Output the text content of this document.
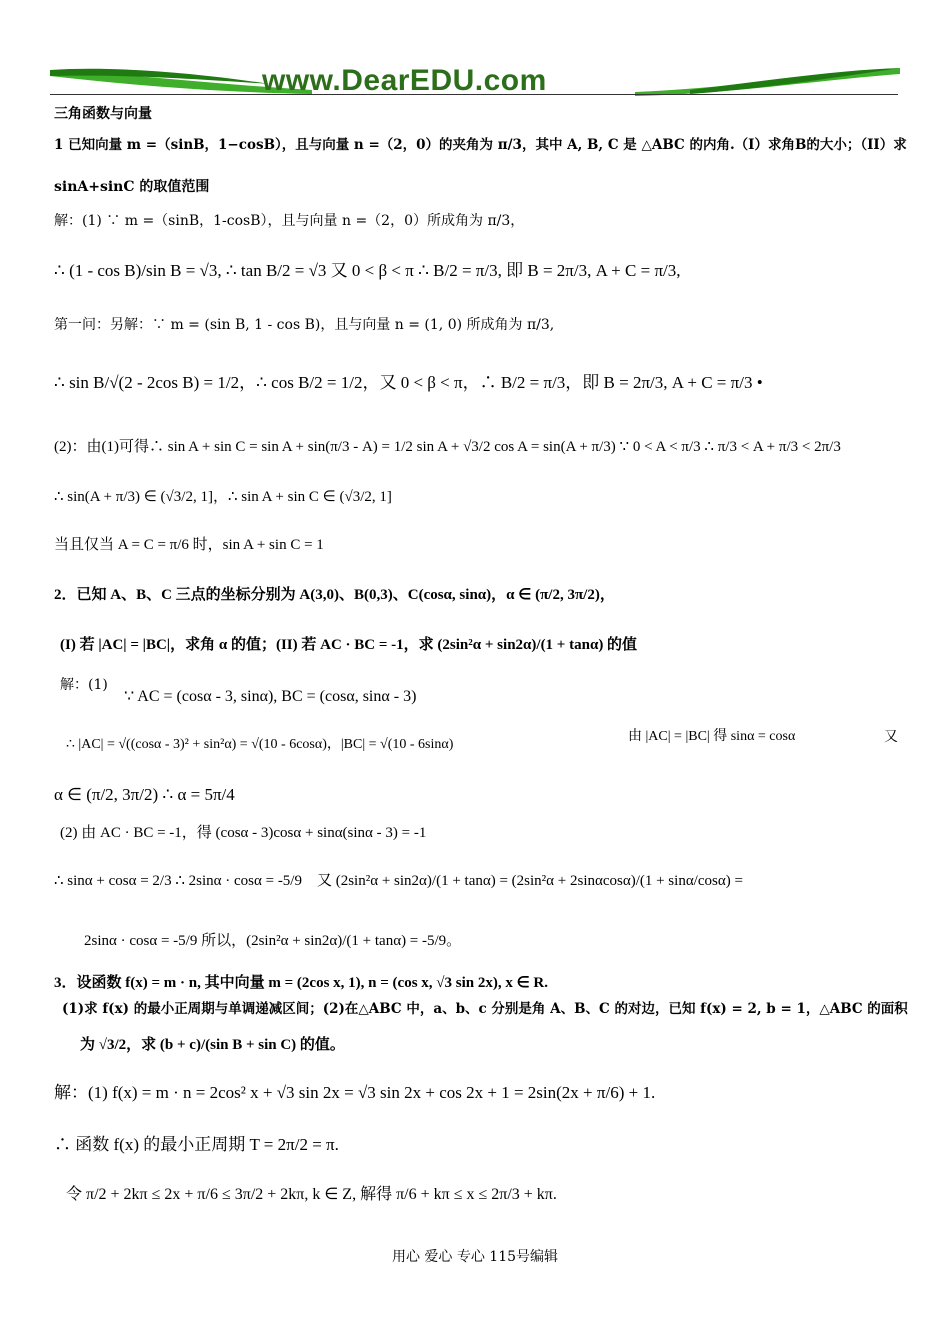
www.DearEDU.com
三角函数与向量
1 已知向量 m =（sinB，1−cosB），且与向量 n =（2，0）的夹角为 π/3，其中 A, B, C 是 △ABC 的内角.（I）求角B的大小；（II）求
sinA+sinC 的取值范围
解：(1) ∵ m =（sinB，1-cosB），且与向量 n =（2，0）所成角为 π/3，
∴ (1 - cos B)/sin B = √3, ∴ tan B/2 = √3 又 0 < β < π ∴ B/2 = π/3, 即 B = 2π/3, A + C = π/3,
第一问：另解：∵ m = (sin B, 1 - cos B)，且与向量 n = (1, 0) 所成角为 π/3,
∴ sin B/√(2 - 2cos B) = 1/2，∴ cos B/2 = 1/2，又 0 < β < π，∴ B/2 = π/3，即 B = 2π/3, A + C = π/3 •
(2)：由(1)可得∴ sin A + sin C = sin A + sin(π/3 - A) = 1/2 sin A + √3/2 cos A = sin(A + π/3) ∵ 0 < A < π/3 ∴ π/3 < A + π/3 < 2π/3
∴ sin(A + π/3) ∈ (√3/2, 1]，∴ sin A + sin C ∈ (√3/2, 1]
当且仅当 A = C = π/6 时，sin A + sin C = 1
2．已知 A、B、C 三点的坐标分别为 A(3,0)、B(0,3)、C(cosα, sinα)，α ∈ (π/2, 3π/2)，
(I) 若 |AC| = |BC|，求角 α 的值；(II) 若 AC · BC = -1，求 (2sin²α + sin2α)/(1 + tanα) 的值
解：(1)
∵ AC = (cosα - 3, sinα), BC = (cosα, sinα - 3)
∴ |AC| = √((cosα - 3)² + sin²α) = √(10 - 6cosα)，|BC| = √(10 - 6sinα)
由 |AC| = |BC| 得 sinα = cosα	又
α ∈ (π/2, 3π/2) ∴ α = 5π/4
(2) 由 AC · BC = -1，得 (cosα - 3)cosα + sinα(sinα - 3) = -1
∴ sinα + cosα = 2/3 ∴ 2sinα · cosα = -5/9　又 (2sin²α + sin2α)/(1 + tanα) = (2sin²α + 2sinαcosα)/(1 + sinα/cosα) =
2sinα · cosα = -5/9 所以，(2sin²α + sin2α)/(1 + tanα) = -5/9。
3．设函数 f(x) = m · n, 其中向量 m = (2cos x, 1), n = (cos x, √3 sin 2x), x ∈ R.
(1)求 f(x) 的最小正周期与单调递减区间；(2)在△ABC 中，a、b、c 分别是角 A、B、C 的对边，已知 f(x) = 2, b = 1，△ABC 的面积
为 √3/2，求 (b + c)/(sin B + sin C) 的值。
解：(1) f(x) = m · n = 2cos² x + √3 sin 2x = √3 sin 2x + cos 2x + 1 = 2sin(2x + π/6) + 1.
∴ 函数 f(x) 的最小正周期 T = 2π/2 = π.
令 π/2 + 2kπ ≤ 2x + π/6 ≤ 3π/2 + 2kπ, k ∈ Z, 解得 π/6 + kπ ≤ x ≤ 2π/3 + kπ.
用心 爱心 专心 115号编辑
